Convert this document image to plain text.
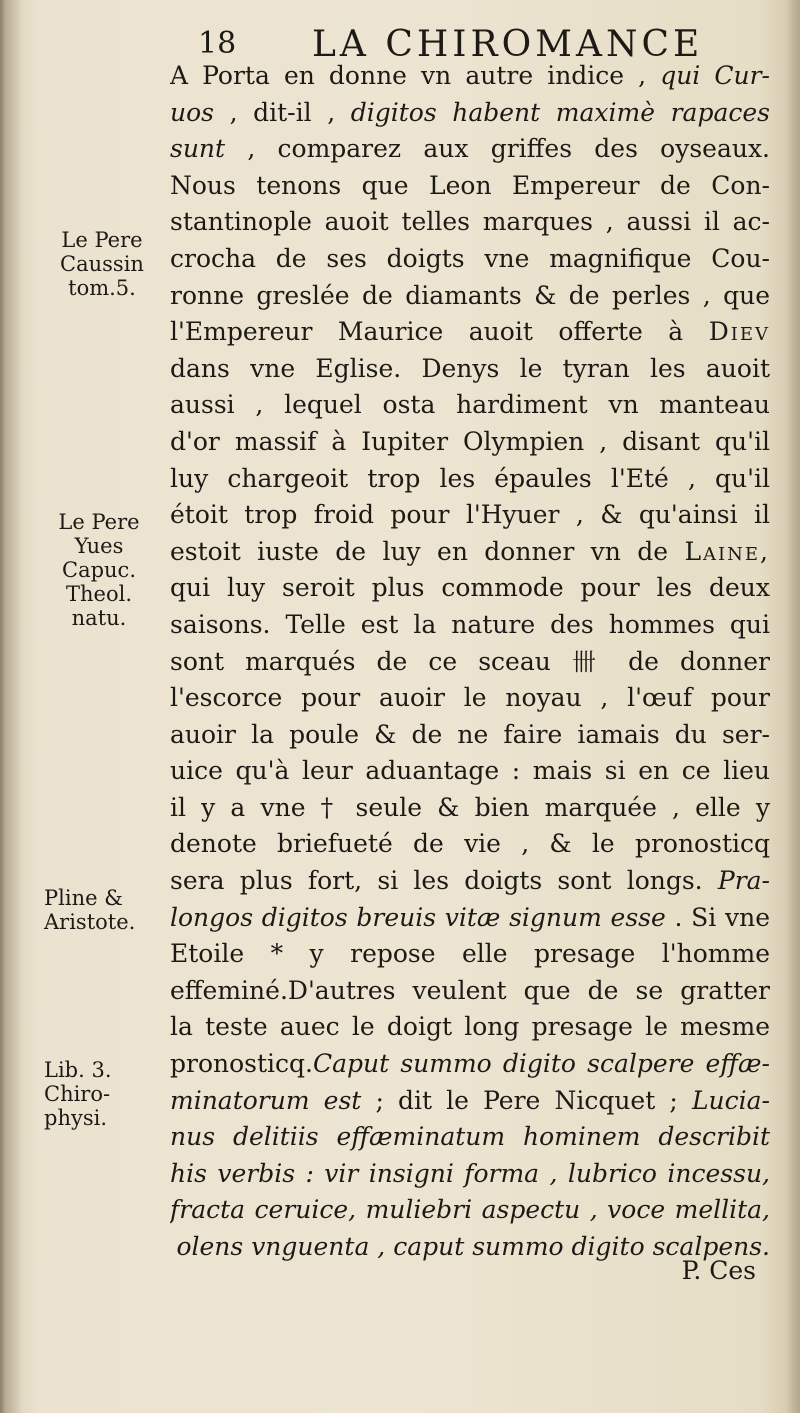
18 LA CHIROMANCE
Le Pere
Caussin
tom.5.
Le Pere
Yues
Capuc.
Theol.
natu.
Pline &
Aristote.
Lib. 3.
Chiro-
physi.
A Porta en donne vn autre indice , qui Cur-
uos , dit-il , digitos habent maximè rapaces
sunt , comparez aux griffes des oyseaux.
Nous tenons que Leon Empereur de Con-
stantinople auoit telles marques , aussi il ac-
crocha de ses doigts vne magnifique Cou-
ronne greslée de diamants & de perles , que
l'Empereur Maurice auoit offerte à Diev
dans vne Eglise. Denys le tyran les auoit
aussi , lequel osta hardiment vn manteau
d'or massif à Iupiter Olympien , disant qu'il
luy chargeoit trop les épaules l'Eté , qu'il
étoit trop froid pour l'Hyuer , & qu'ainsi il
estoit iuste de luy en donner vn de Laine,
qui luy seroit plus commode pour les deux
saisons. Telle est la nature des hommes qui
sont marqués de ce sceau 卌 de donner
l'escorce pour auoir le noyau , l'œuf pour
auoir la poule & de ne faire iamais du ser-
uice qu'à leur aduantage : mais si en ce lieu
il y a vne † seule & bien marquée , elle y
denote briefueté de vie , & le pronosticq
sera plus fort, si les doigts sont longs. Pra-
longos digitos breuis vitæ signum esse . Si vne
Etoile * y repose elle presage l'homme
effeminé.D'autres veulent que de se gratter
la teste auec le doigt long presage le mesme
pronosticq.Caput summo digito scalpere effæ-
minatorum est ; dit le Pere Nicquet ; Lucia-
nus delitiis effæminatum hominem describit
his verbis : vir insigni forma , lubrico incessu,
fracta ceruice, muliebri aspectu , voce mellita,
olens vnguenta , caput summo digito scalpens.
P. Ces
